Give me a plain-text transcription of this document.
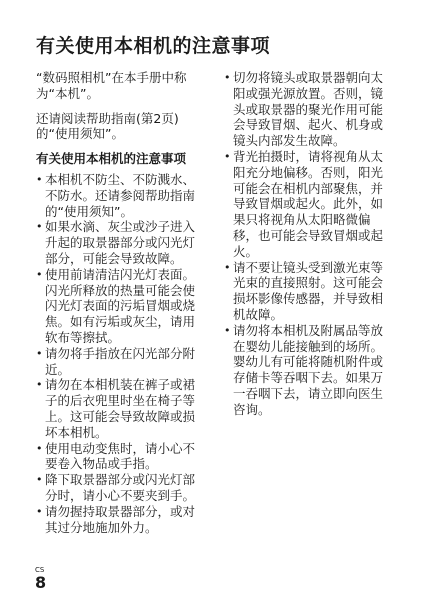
有关使用本相机的注意事项

“数码照相机”在本手册中称为“本机”。

还请阅读帮助指南(第2页)的“使用须知”。

有关使用本相机的注意事项

• 本相机不防尘、不防溅水、不防水。还请参阅帮助指南的“使用须知”。
• 如果水滴、灰尘或沙子进入升起的取景器部分或闪光灯部分，可能会导致故障。
• 使用前请清洁闪光灯表面。闪光所释放的热量可能会使闪光灯表面的污垢冒烟或烧焦。如有污垢或灰尘，请用软布等擦拭。
• 请勿将手指放在闪光部分附近。
• 请勿在本相机装在裤子或裙子的后衣兜里时坐在椅子等上。这可能会导致故障或损坏本相机。
• 使用电动变焦时，请小心不要卷入物品或手指。
• 降下取景器部分或闪光灯部分时，请小心不要夹到手。
• 请勿握持取景器部分，或对其过分地施加外力。
• 切勿将镜头或取景器朝向太阳或强光源放置。否则，镜头或取景器的聚光作用可能会导致冒烟、起火、机身或镜头内部发生故障。
• 背光拍摄时，请将视角从太阳充分地偏移。否则，阳光可能会在相机内部聚焦，并导致冒烟或起火。此外，如果只将视角从太阳略微偏移，也可能会导致冒烟或起火。
• 请不要让镜头受到激光束等光束的直接照射。这可能会损坏影像传感器，并导致相机故障。
• 请勿将本相机及附属品等放在婴幼儿能接触到的场所。婴幼儿有可能将随机附件或存储卡等吞咽下去。如果万一吞咽下去，请立即向医生咨询。
CS
8
